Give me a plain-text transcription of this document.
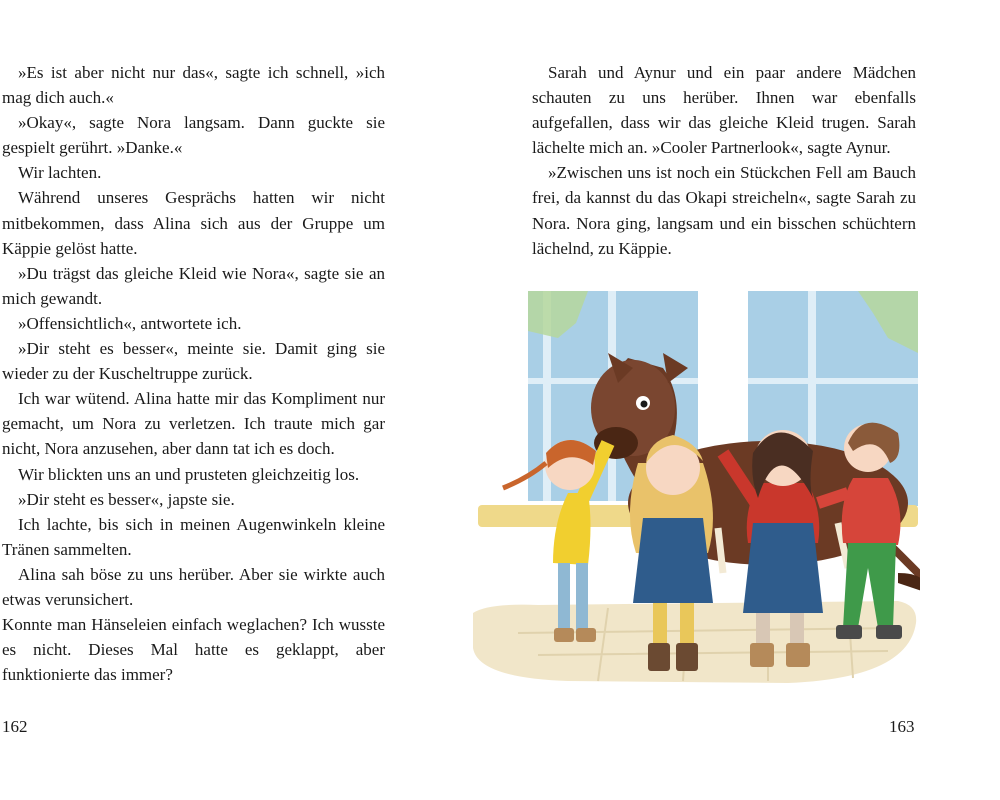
»Es ist aber nicht nur das«, sagte ich schnell, »ich mag dich auch.«

»Okay«, sagte Nora langsam. Dann guckte sie gespielt gerührt. »Danke.«

Wir lachten.

Während unseres Gesprächs hatten wir nicht mitbekommen, dass Alina sich aus der Gruppe um Käppie gelöst hatte.

»Du trägst das gleiche Kleid wie Nora«, sagte sie an mich gewandt.

»Offensichtlich«, antwortete ich.

»Dir steht es besser«, meinte sie. Damit ging sie wieder zu der Kuscheltruppe zurück.

Ich war wütend. Alina hatte mir das Kompliment nur gemacht, um Nora zu verletzen. Ich traute mich gar nicht, Nora anzusehen, aber dann tat ich es doch.

Wir blickten uns an und prusteten gleichzeitig los.

»Dir steht es besser«, japste sie.

Ich lachte, bis sich in meinen Augenwinkeln kleine Tränen sammelten.

Alina sah böse zu uns herüber. Aber sie wirkte auch etwas verunsichert.

Konnte man Hänseleien einfach weglachen? Ich wusste es nicht. Dieses Mal hatte es geklappt, aber funktionierte das immer?

162

Sarah und Aynur und ein paar andere Mädchen schauten zu uns herüber. Ihnen war ebenfalls aufgefallen, dass wir das gleiche Kleid trugen. Sarah lächelte mich an. »Cooler Partnerlook«, sagte Aynur.

»Zwischen uns ist noch ein Stückchen Fell am Bauch frei, da kannst du das Okapi streicheln«, sagte Sarah zu Nora. Nora ging, langsam und ein bisschen schüchtern lächelnd, zu Käppie.

163
